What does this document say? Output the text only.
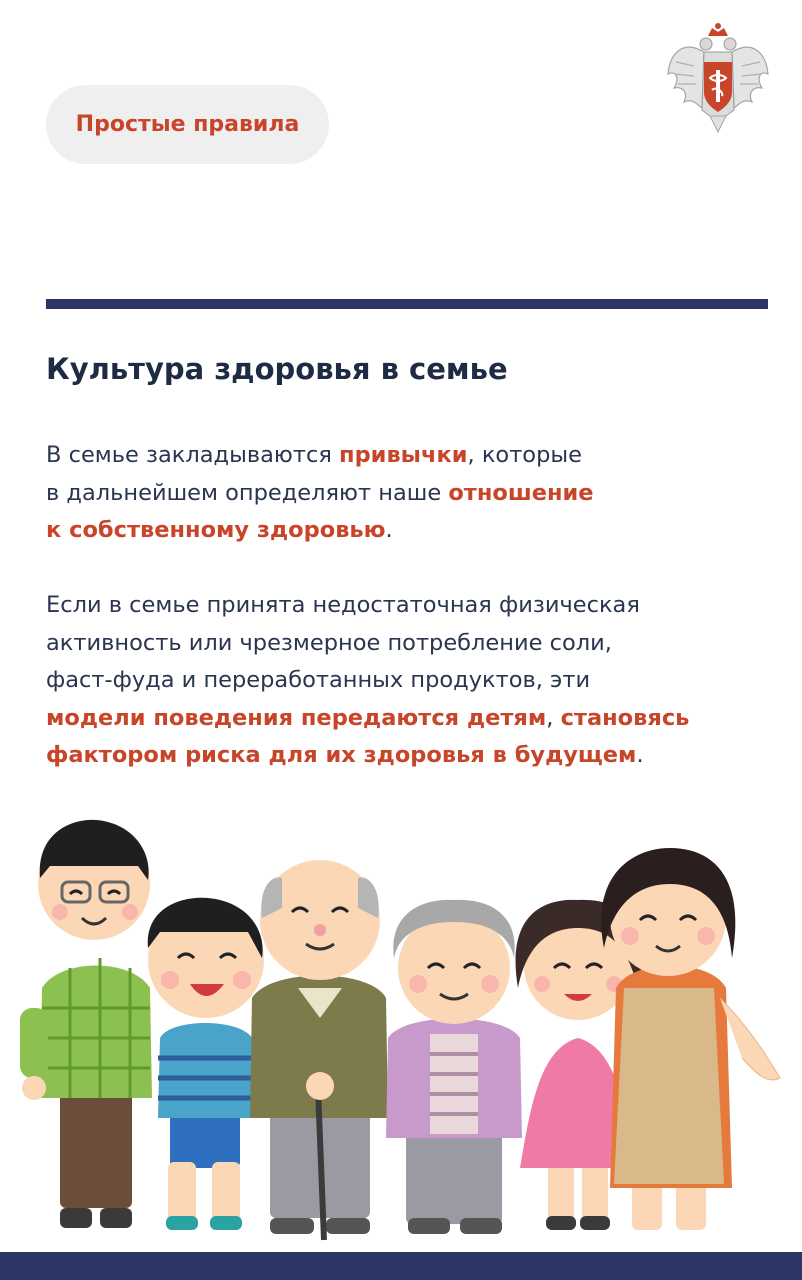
Простые правила
Культура здоровья в семье

В семье закладываются привычки, которые
в дальнейшем определяют наше отношение
к собственному здоровью.

Если в семье принята недостаточная физическая
активность или чрезмерное потребление соли,
фаст-фуда и переработанных продуктов, эти
модели поведения передаются детям, становясь
фактором риска для их здоровья в будущем.
